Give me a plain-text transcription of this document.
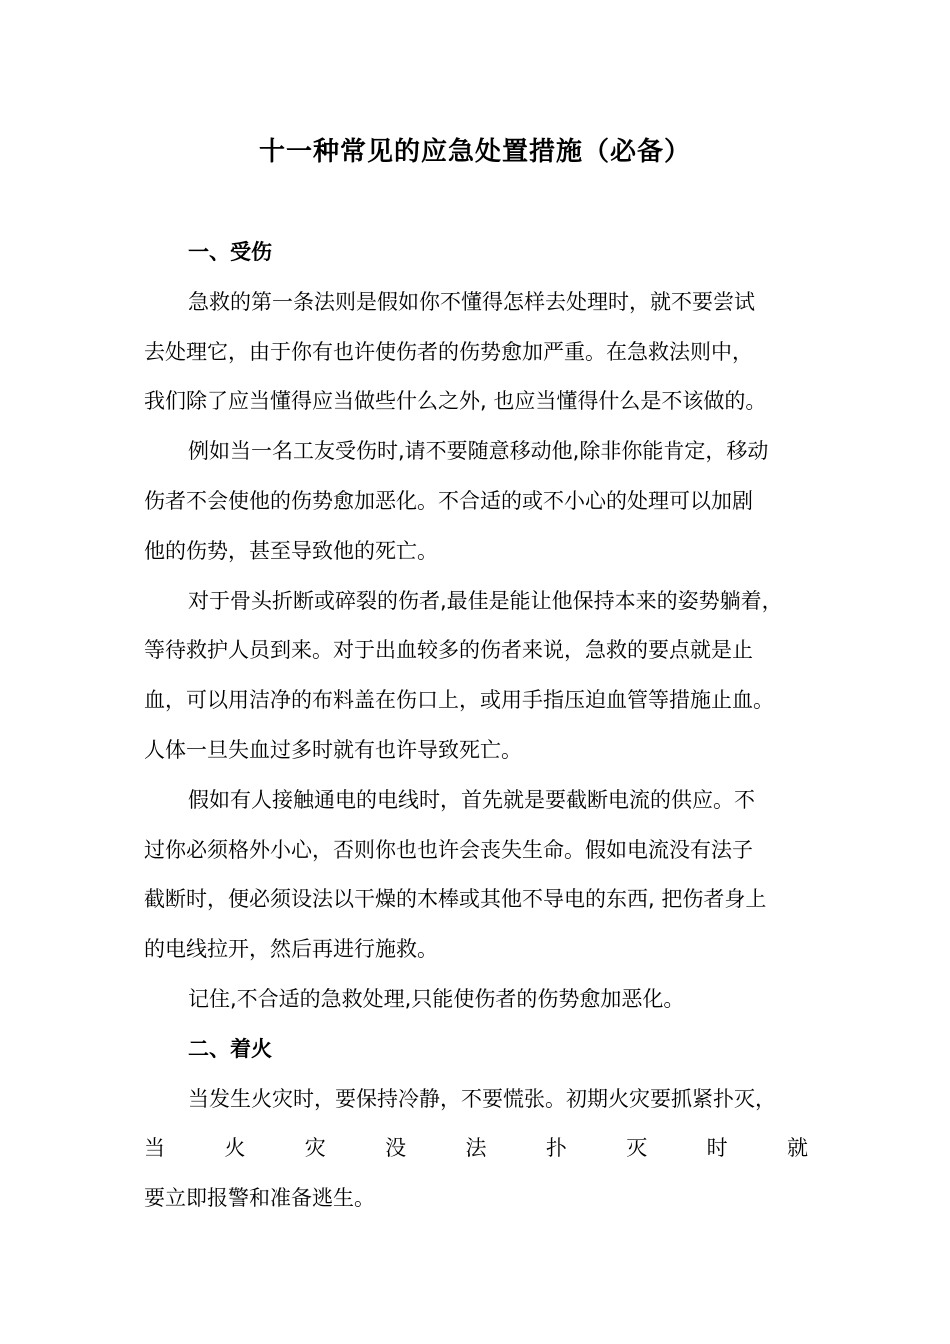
十一种常见的应急处置措施（必备）
一、受伤
急救的第一条法则是假如你不懂得怎样去处理时，就不要尝试
去处理它，由于你有也许使伤者的伤势愈加严重。在急救法则中，
我们除了应当懂得应当做些什么之外, 也应当懂得什么是不该做的。
例如当一名工友受伤时,请不要随意移动他,除非你能肯定，移动
伤者不会使他的伤势愈加恶化。不合适的或不小心的处理可以加剧
他的伤势，甚至导致他的死亡。
对于骨头折断或碎裂的伤者,最佳是能让他保持本来的姿势躺着，
等待救护人员到来。对于出血较多的伤者来说，急救的要点就是止
血，可以用洁净的布料盖在伤口上，或用手指压迫血管等措施止血。
人体一旦失血过多时就有也许导致死亡。
假如有人接触通电的电线时，首先就是要截断电流的供应。不
过你必须格外小心，否则你也也许会丧失生命。假如电流没有法子
截断时，便必须设法以干燥的木棒或其他不导电的东西, 把伤者身上
的电线拉开，然后再进行施救。
记住,不合适的急救处理,只能使伤者的伤势愈加恶化。
二、着火
当发生火灾时，要保持冷静，不要慌张。初期火灾要抓紧扑灭，
当	火	灾	没	法	扑	灭	时	就
要立即报警和准备逃生。
